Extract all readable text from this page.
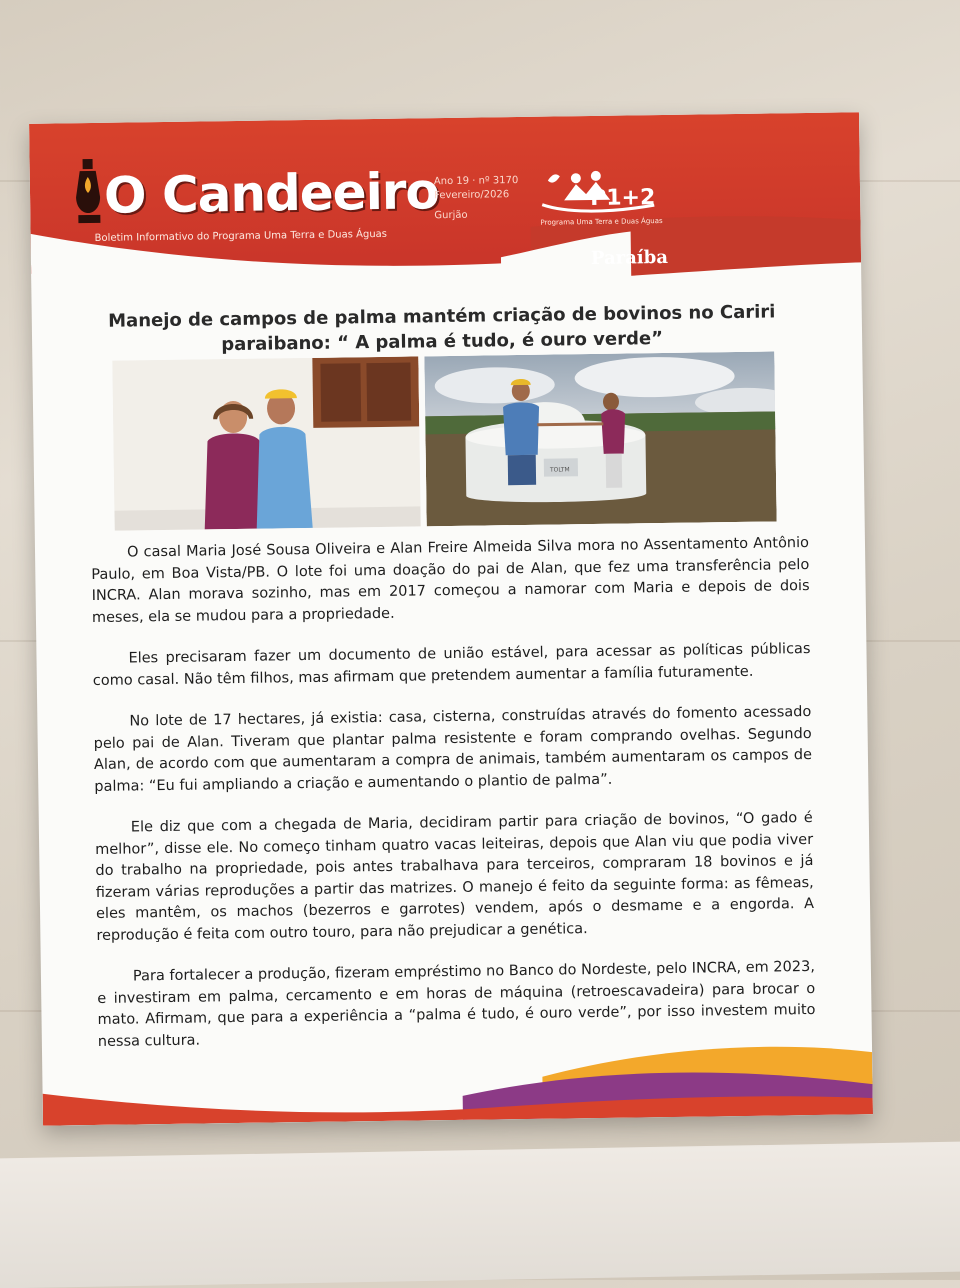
O Candeeiro
Boletim Informativo do Programa Uma Terra e Duas Águas
Ano 19 · nº 3170
Fevereiro/2026
Gurjão
P1+2
Programa Uma Terra e Duas Águas
Paraíba
Manejo de campos de palma mantém criação de bovinos no Cariri paraibano: “ A palma é tudo, é ouro verde”
TOLTM

O casal Maria José Sousa Oliveira e Alan Freire Almeida Silva mora no Assentamento Antônio Paulo, em Boa Vista/PB. O lote foi uma doação do pai de Alan, que fez uma transferência pelo INCRA. Alan morava sozinho, mas em 2017 começou a namorar com Maria e depois de dois meses, ela se mudou para a propriedade.

Eles precisaram fazer um documento de união estável, para acessar as políticas públicas como casal. Não têm filhos, mas afirmam que pretendem aumentar a família futuramente.

No lote de 17 hectares, já existia: casa, cisterna, construídas através do fomento acessado pelo pai de Alan. Tiveram que plantar palma resistente e foram comprando ovelhas. Segundo Alan, de acordo com que aumentaram a compra de animais, também aumentaram os campos de palma: “Eu fui ampliando a criação e aumentando o plantio de palma”.

Ele diz que com a chegada de Maria, decidiram partir para criação de bovinos, “O gado é melhor”, disse ele. No começo tinham quatro vacas leiteiras, depois que Alan viu que podia viver do trabalho na propriedade, pois antes trabalhava para terceiros, compraram 18 bovinos e já fizeram várias reproduções a partir das matrizes. O manejo é feito da seguinte forma: as fêmeas, eles mantêm, os machos (bezerros e garrotes) vendem, após o desmame e a engorda. A reprodução é feita com outro touro, para não prejudicar a genética.

Para fortalecer a produção, fizeram empréstimo no Banco do Nordeste, pelo INCRA, em 2023, e investiram em palma, cercamento e em horas de máquina (retroescavadeira) para brocar o mato. Afirmam, que para a experiência a “palma é tudo, é ouro verde”, por isso investem muito nessa cultura.
